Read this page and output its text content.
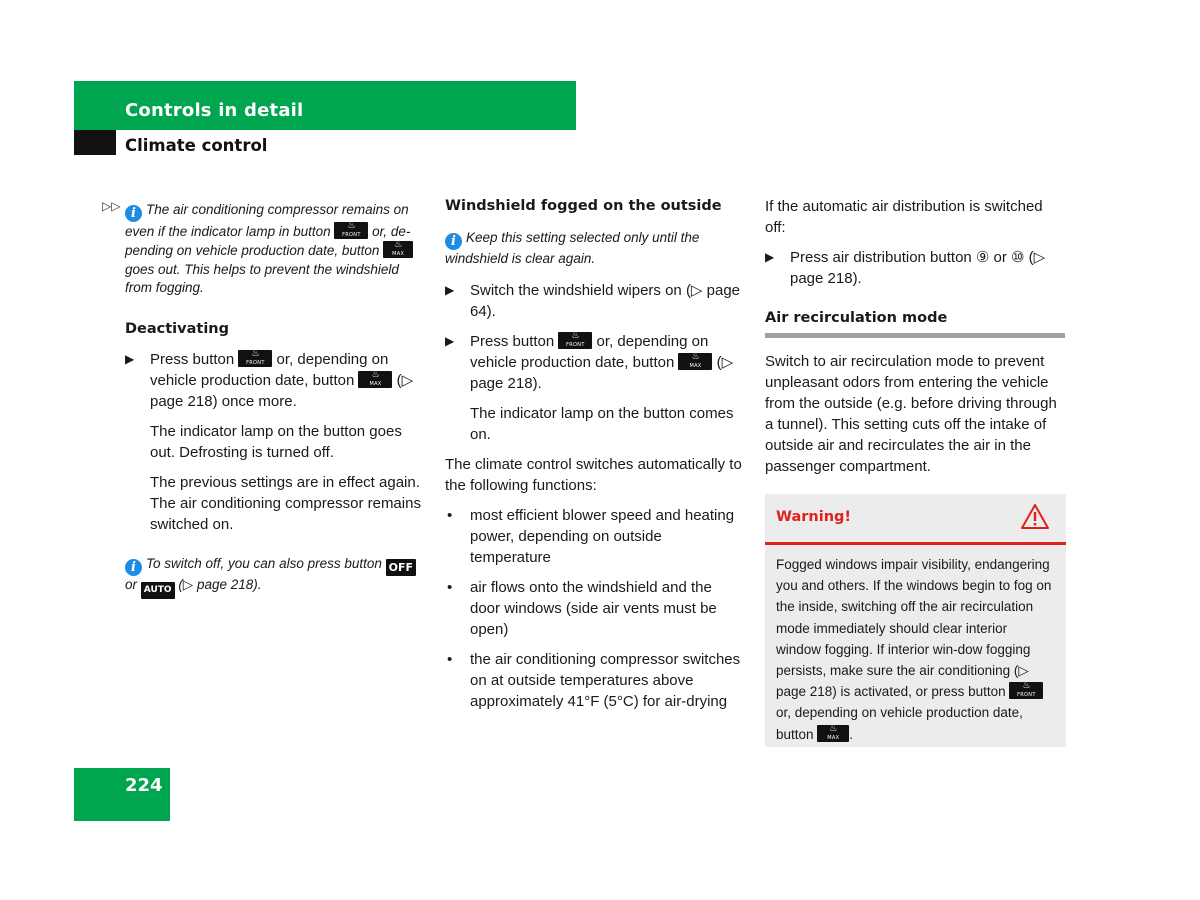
Controls in detail
Climate control
▷▷ i The air conditioning compressor remains on even if the indicator lamp in button	♨
FRONT or, de-pending on vehicle production date, button	♨
MAX
goes out. This helps to prevent the windshield from fogging.

Deactivating

▶ Press button	♨
FRONT or, depending on vehicle production date, button	♨
MAX (▷ page 218) once more.

The indicator lamp on the button goes out. Defrosting is turned off.

The previous settings are in effect again. The air conditioning compressor remains switched on.

i To switch off, you can also press button OFF or AUTO (▷ page 218).

Windshield fogged on the outside

i Keep this setting selected only until the windshield is clear again.

▶ Switch the windshield wipers on (▷ page 64).
▶ Press button	♨
FRONT or, depending on vehicle production date, button	♨
MAX (▷ page 218).

The indicator lamp on the button comes on.

The climate control switches automatically to the following functions:

• most efficient blower speed and heating power, depending on outside temperature
• air flows onto the windshield and the door windows (side air vents must be open)
• the air conditioning compressor switches on at outside temperatures above approximately 41°F (5°C) for air-drying

If the automatic air distribution is switched off:

▶ Press air distribution button ⑨ or ⑩ (▷ page 218).

Air recirculation mode

Switch to air recirculation mode to prevent unpleasant odors from entering the vehicle from the outside (e.g. before driving through a tunnel). This setting cuts off the intake of outside air and recirculates the air in the passenger compartment.

Warning!
Fogged windows impair visibility, endangering you and others. If the windows begin to fog on the inside, switching off the air recirculation mode immediately should clear interior window fogging. If interior win-dow fogging persists, make sure the air conditioning (▷ page 218) is activated, or press button	♨
FRONT
or, depending on vehicle production date, button	♨
MAX .
224
